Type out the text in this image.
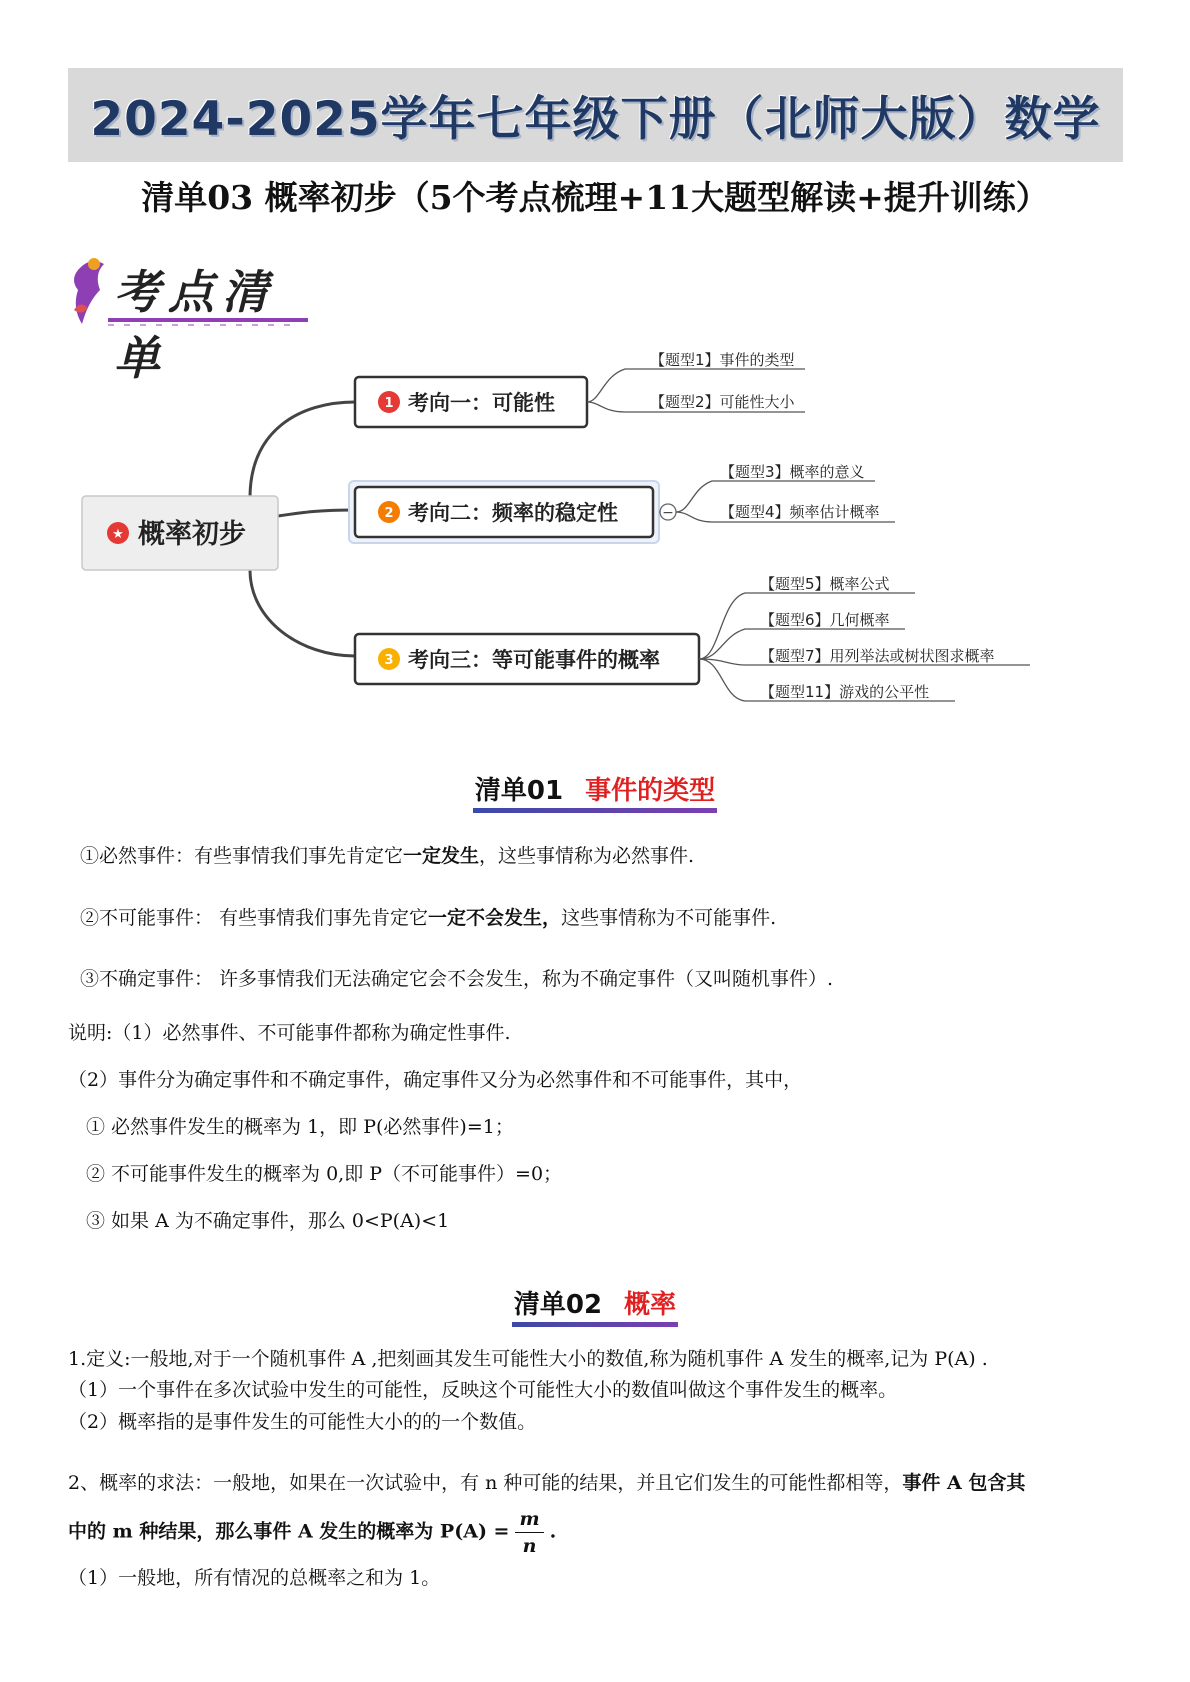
2024-2025学年七年级下册（北师大版）数学
清单03 概率初步（5个考点梳理+11大题型解读+提升训练）
考点清单
★ 概率初步
1 考向一：可能性
【题型1】事件的类型
【题型2】可能性大小
2 考向二：频率的稳定性	−
【题型3】概率的意义
【题型4】频率估计概率
3 考向三：等可能事件的概率
【题型5】概率公式
【题型6】几何概率
【题型7】用列举法或树状图求概率
【题型11】游戏的公平性
清单01 事件的类型
①必然事件：有些事情我们事先肯定它一定发生，这些事情称为必然事件.
②不可能事件： 有些事情我们事先肯定它一定不会发生，这些事情称为不可能事件.
③不确定事件： 许多事情我们无法确定它会不会发生，称为不确定事件（又叫随机事件）.
说明:（1）必然事件、不可能事件都称为确定性事件.
（2）事件分为确定事件和不确定事件，确定事件又分为必然事件和不可能事件，其中，
① 必然事件发生的概率为 1，即 P(必然事件)=1；
② 不可能事件发生的概率为 0,即 P（不可能事件）=0；
③ 如果 A 为不确定事件，那么 0<P(A)<1
清单02 概率
1.定义:一般地,对于一个随机事件 A ,把刻画其发生可能性大小的数值,称为随机事件 A 发生的概率,记为 P(A) .
（1）一个事件在多次试验中发生的可能性，反映这个可能性大小的数值叫做这个事件发生的概率。
（2）概率指的是事件发生的可能性大小的的一个数值。
2、概率的求法：一般地，如果在一次试验中，有 n 种可能的结果，并且它们发生的可能性都相等，事件 A 包含其
中的 m 种结果，那么事件 A 发生的概率为 $P(A) = \frac{m}{n}$ .
（1）一般地，所有情况的总概率之和为 1。
